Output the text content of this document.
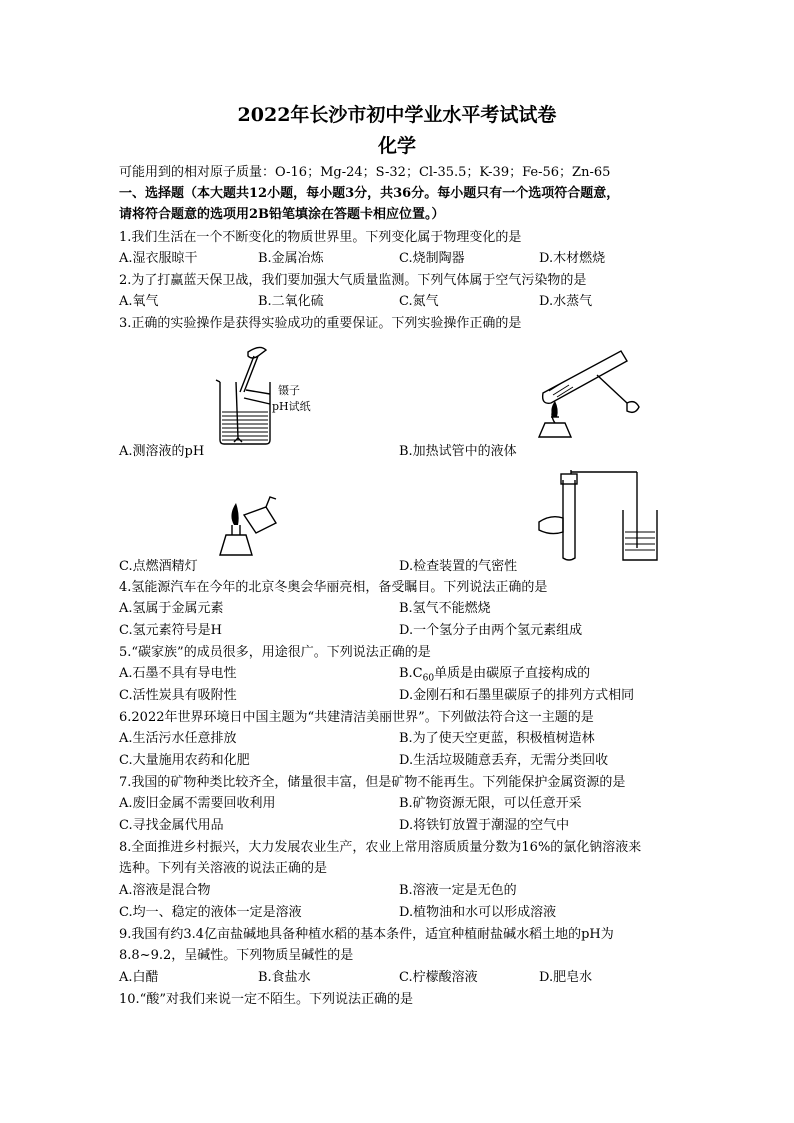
2022年长沙市初中学业水平考试试卷
化学
可能用到的相对原子质量：O-16；Mg-24；S-32；Cl-35.5；K-39；Fe-56；Zn-65
一、选择题（本大题共12小题，每小题3分，共36分。每小题只有一个选项符合题意，
请将符合题意的选项用2B铅笔填涂在答题卡相应位置。）
1.我们生活在一个不断变化的物质世界里。下列变化属于物理变化的是
A.湿衣服晾干	B.金属冶炼	C.烧制陶器	D.木材燃烧
2.为了打赢蓝天保卫战，我们要加强大气质量监测。下列气体属于空气污染物的是
A.氧气	B.二氧化硫	C.氮气	D.水蒸气
3.正确的实验操作是获得实验成功的重要保证。下列实验操作正确的是
镊子
pH试纸
A.测溶液的pH	B.加热试管中的液体
C.点燃酒精灯	D.检查装置的气密性
4.氢能源汽车在今年的北京冬奥会华丽亮相，备受瞩目。下列说法正确的是
A.氢属于金属元素	B.氢气不能燃烧
C.氢元素符号是H	D.一个氢分子由两个氢元素组成
5.“碳家族”的成员很多，用途很广。下列说法正确的是
A.石墨不具有导电性	$B.C_{60}$单质是由碳原子直接构成的
C.活性炭具有吸附性	D.金刚石和石墨里碳原子的排列方式相同
6.2022年世界环境日中国主题为“共建清洁美丽世界”。下列做法符合这一主题的是
A.生活污水任意排放	B.为了使天空更蓝，积极植树造林
C.大量施用农药和化肥	D.生活垃圾随意丢弃，无需分类回收
7.我国的矿物种类比较齐全，储量很丰富，但是矿物不能再生。下列能保护金属资源的是
A.废旧金属不需要回收利用	B.矿物资源无限，可以任意开采
C.寻找金属代用品	D.将铁钉放置于潮湿的空气中
8.全面推进乡村振兴，大力发展农业生产，农业上常用溶质质量分数为16%的氯化钠溶液来
选种。下列有关溶液的说法正确的是
A.溶液是混合物	B.溶液一定是无色的
C.均一、稳定的液体一定是溶液	D.植物油和水可以形成溶液
9.我国有约3.4亿亩盐碱地具备种植水稻的基本条件，适宜种植耐盐碱水稻土地的pH为
8.8~9.2，呈碱性。下列物质呈碱性的是
A.白醋	B.食盐水	C.柠檬酸溶液	D.肥皂水
10.“酸”对我们来说一定不陌生。下列说法正确的是
